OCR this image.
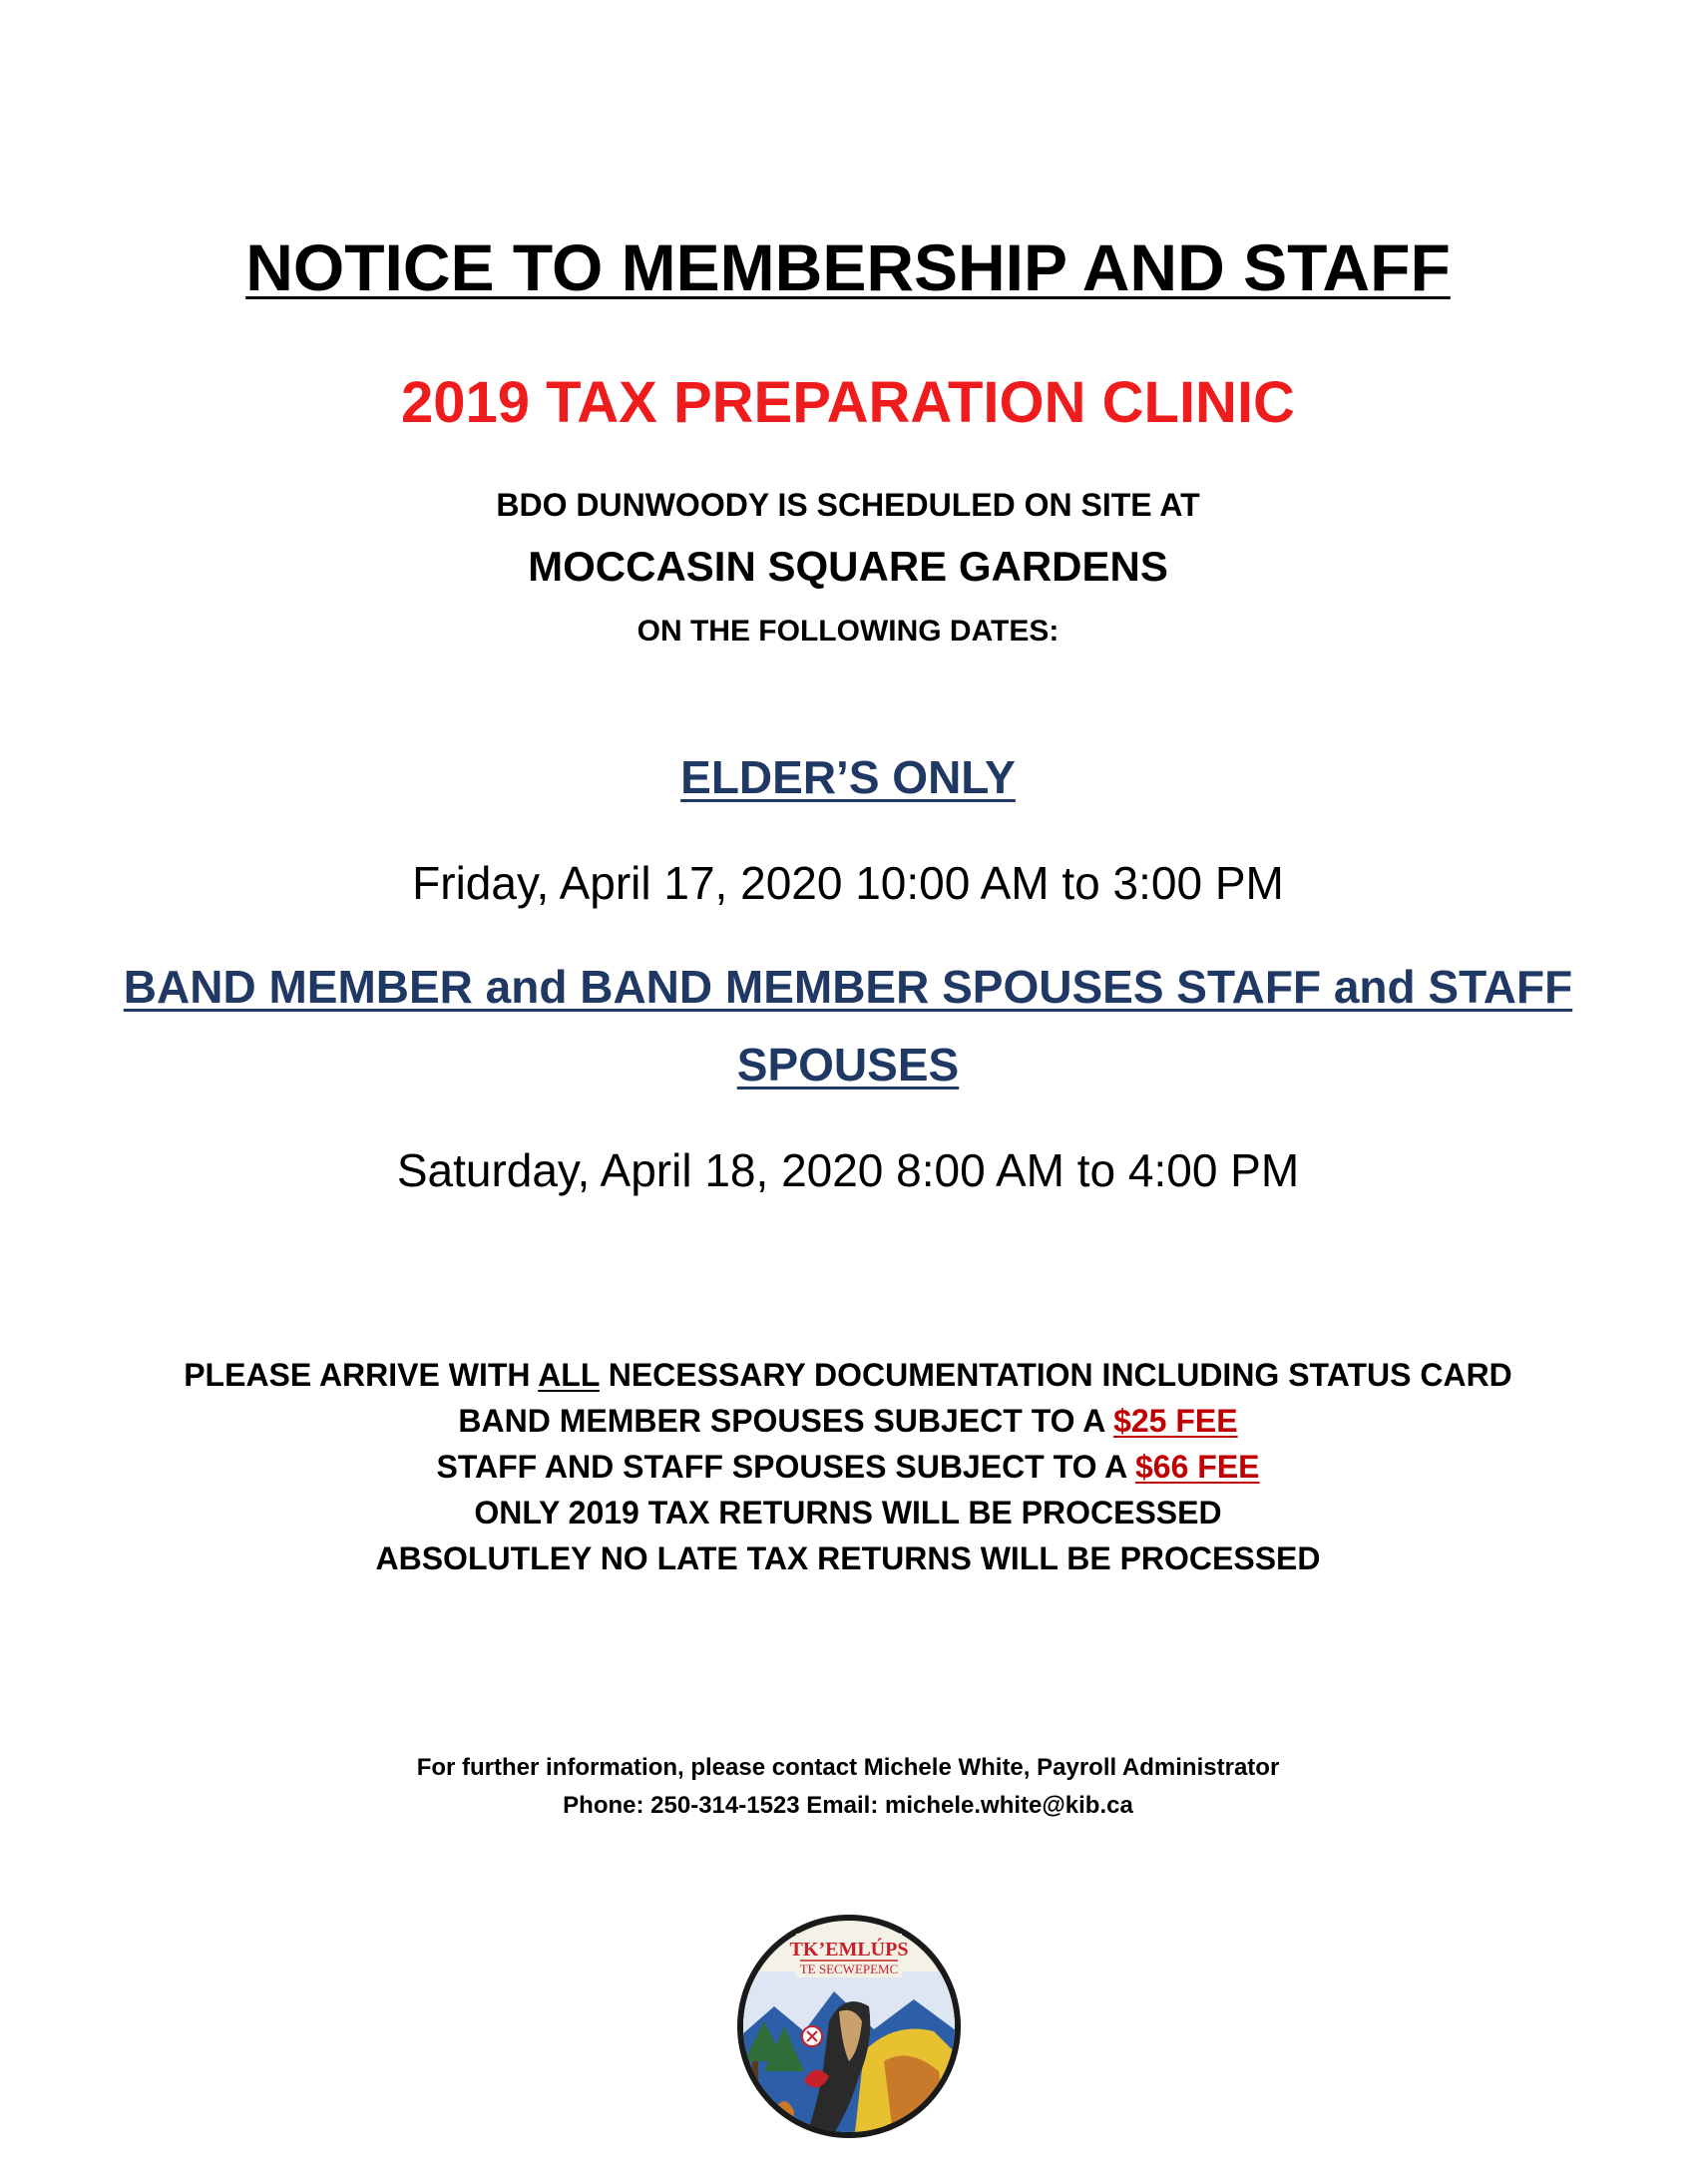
NOTICE TO MEMBERSHIP AND STAFF
2019 TAX PREPARATION CLINIC
BDO DUNWOODY IS SCHEDULED ON SITE AT
MOCCASIN SQUARE GARDENS
ON THE FOLLOWING DATES:
ELDER’S ONLY
Friday, April 17, 2020 10:00 AM to 3:00 PM
BAND MEMBER and BAND MEMBER SPOUSES STAFF and STAFF
SPOUSES
Saturday, April 18, 2020 8:00 AM to 4:00 PM
PLEASE ARRIVE WITH ALL NECESSARY DOCUMENTATION INCLUDING STATUS CARD
BAND MEMBER SPOUSES SUBJECT TO A $25 FEE
STAFF AND STAFF SPOUSES SUBJECT TO A $66 FEE
ONLY 2019 TAX RETURNS WILL BE PROCESSED
ABSOLUTLEY NO LATE TAX RETURNS WILL BE PROCESSED
For further information, please contact Michele White, Payroll Administrator
Phone: 250-314-1523 Email: michele.white@kib.ca
TK’EMLÚPS
TE SECWEPEMC
